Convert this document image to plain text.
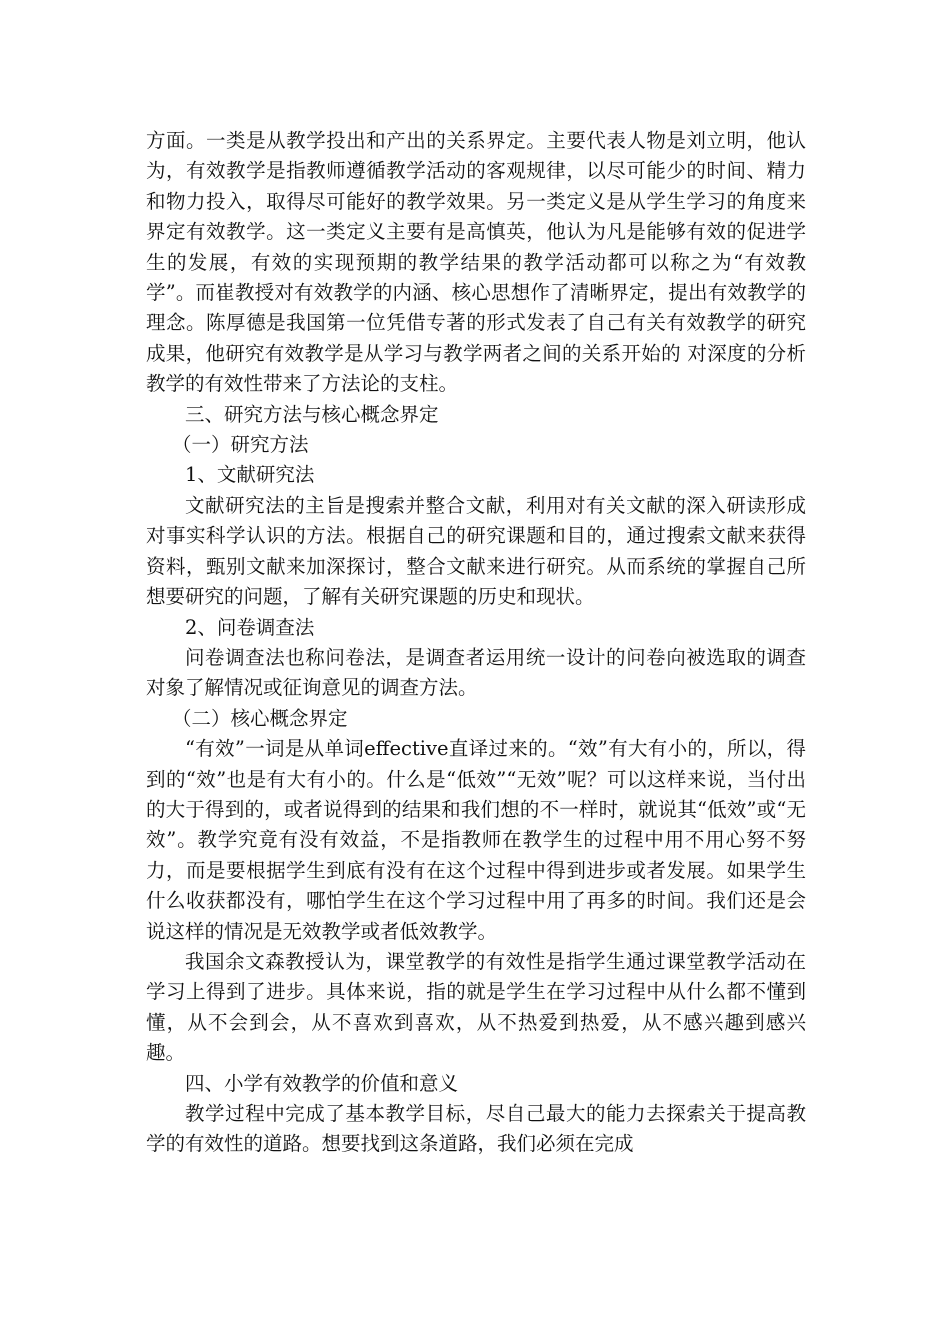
方面。一类是从教学投出和产出的关系界定。主要代表人物是刘立明，他认为，有效教学是指教师遵循教学活动的客观规律，以尽可能少的时间、精力和物力投入，取得尽可能好的教学效果。另一类定义是从学生学习的角度来界定有效教学。这一类定义主要有是高慎英，他认为凡是能够有效的促进学生的发展，有效的实现预期的教学结果的教学活动都可以称之为“有效教学”。而崔教授对有效教学的内涵、核心思想作了清晰界定，提出有效教学的理念。陈厚德是我国第一位凭借专著的形式发表了自己有关有效教学的研究成果，他研究有效教学是从学习与教学两者之间的关系开始的 对深度的分析教学的有效性带来了方法论的支柱。

三、研究方法与核心概念界定

（一）研究方法

1、文献研究法

文献研究法的主旨是搜索并整合文献，利用对有关文献的深入研读形成对事实科学认识的方法。根据自己的研究课题和目的，通过搜索文献来获得资料，甄别文献来加深探讨，整合文献来进行研究。从而系统的掌握自己所想要研究的问题，了解有关研究课题的历史和现状。

2、问卷调查法

问卷调查法也称问卷法，是调查者运用统一设计的问卷向被选取的调查对象了解情况或征询意见的调查方法。

（二）核心概念界定

“有效”一词是从单词effective直译过来的。“效”有大有小的，所以，得到的“效”也是有大有小的。什么是“低效”“无效”呢？可以这样来说，当付出的大于得到的，或者说得到的结果和我们想的不一样时，就说其“低效”或“无效”。教学究竟有没有效益，不是指教师在教学生的过程中用不用心努不努力，而是要根据学生到底有没有在这个过程中得到进步或者发展。如果学生什么收获都没有，哪怕学生在这个学习过程中用了再多的时间。我们还是会说这样的情况是无效教学或者低效教学。

我国余文森教授认为，课堂教学的有效性是指学生通过课堂教学活动在学习上得到了进步。具体来说，指的就是学生在学习过程中从什么都不懂到懂，从不会到会，从不喜欢到喜欢，从不热爱到热爱，从不感兴趣到感兴趣。

四、小学有效教学的价值和意义

教学过程中完成了基本教学目标，尽自己最大的能力去探索关于提高教学的有效性的道路。想要找到这条道路，我们必须在完成
